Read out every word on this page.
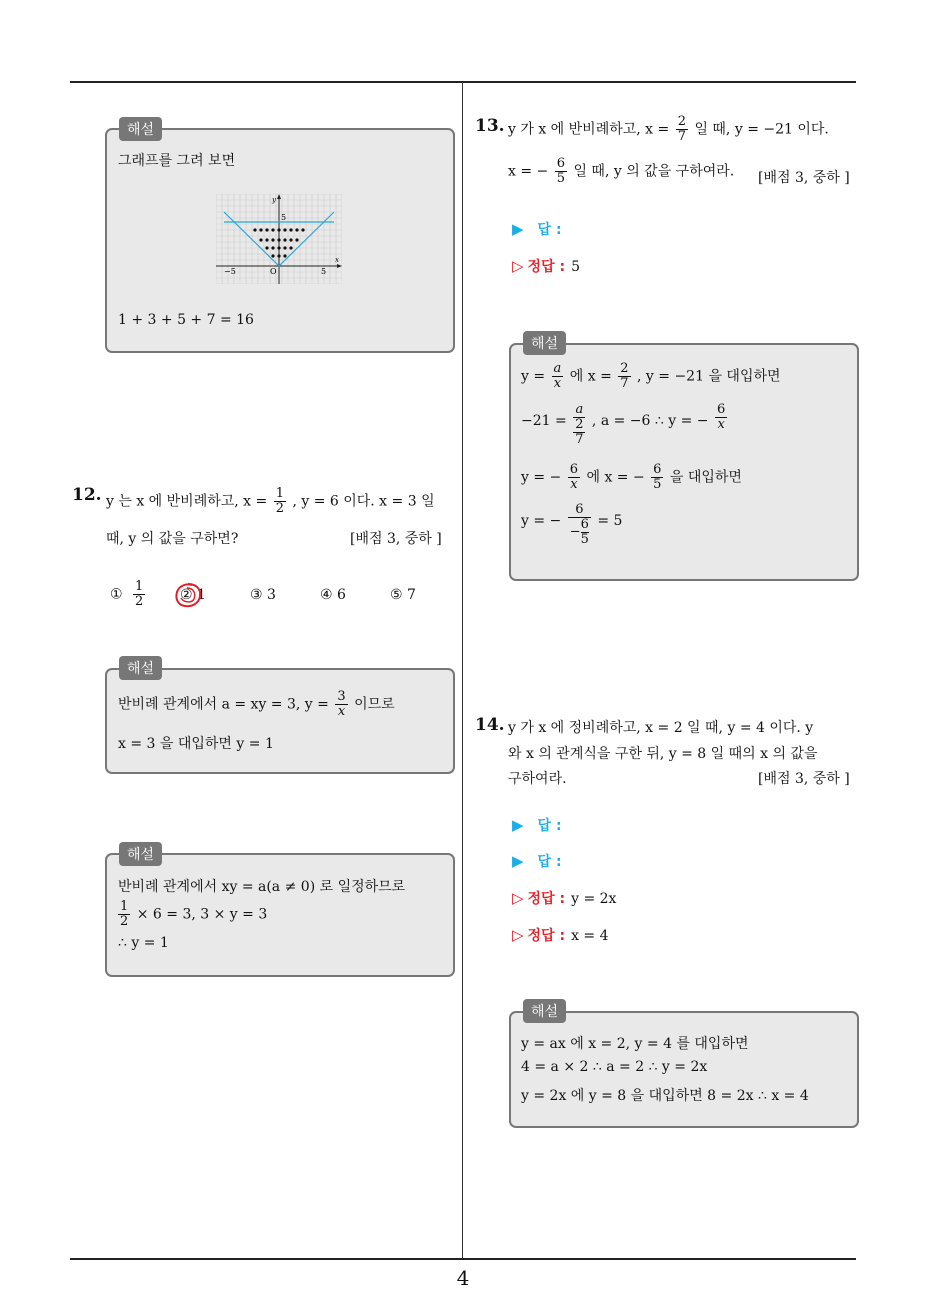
4
해설
그래프를 그려 보면
y
x
5
−5	O	5
1 + 3 + 5 + 7 = 16
12. y 는 x 에 반비례하고, $x = \frac{1}{2}$ , y = 6 이다. x = 3 일
때, y 의 값을 구하면?	[배점 3, 중하 ]
① $\frac{1}{2}$ ② 1	③ 3	④ 6	⑤ 7
해설
반비례 관계에서 a = xy = 3, $y = \frac{3}{x}$ 이므로
x = 3 을 대입하면 y = 1
해설
반비례 관계에서 xy = a(a ≠ 0) 로 일정하므로
$\frac{1}{2} \times 6 = 3$, 3 × y = 3
∴ y = 1
13. y 가 x 에 반비례하고, $x = \frac{2}{7}$ 일 때, y = −21 이다.
x = − $\frac{6}{5}$ 일 때, y 의 값을 구하여라. [배점 3, 중하 ]
▶ 답 :
▷ 정답 : 5
해설
$y = \frac{a}{x}$ 에 $x = \frac{2}{7}$ , y = −21 을 대입하면
−21 =
a
2
7
, a = −6 ∴ y = − $\frac{6}{x}$
y = − $\frac{6}{x}$ 에 x = − $\frac{6}{5}$ 을 대입하면
y = − $\frac{6}{- \frac{6}{5}} = 5$
14. y 가 x 에 정비례하고, x = 2 일 때, y = 4 이다. y
와 x 의 관계식을 구한 뒤, y = 8 일 때의 x 의 값을
구하여라.	[배점 3, 중하 ]
▶ 답 :
▶ 답 :
▷ 정답 : y = 2x
▷ 정답 : x = 4
해설
y = ax 에 x = 2, y = 4 를 대입하면
4 = a × 2 ∴ a = 2 ∴ y = 2x
y = 2x 에 y = 8 을 대입하면 8 = 2x ∴ x = 4
